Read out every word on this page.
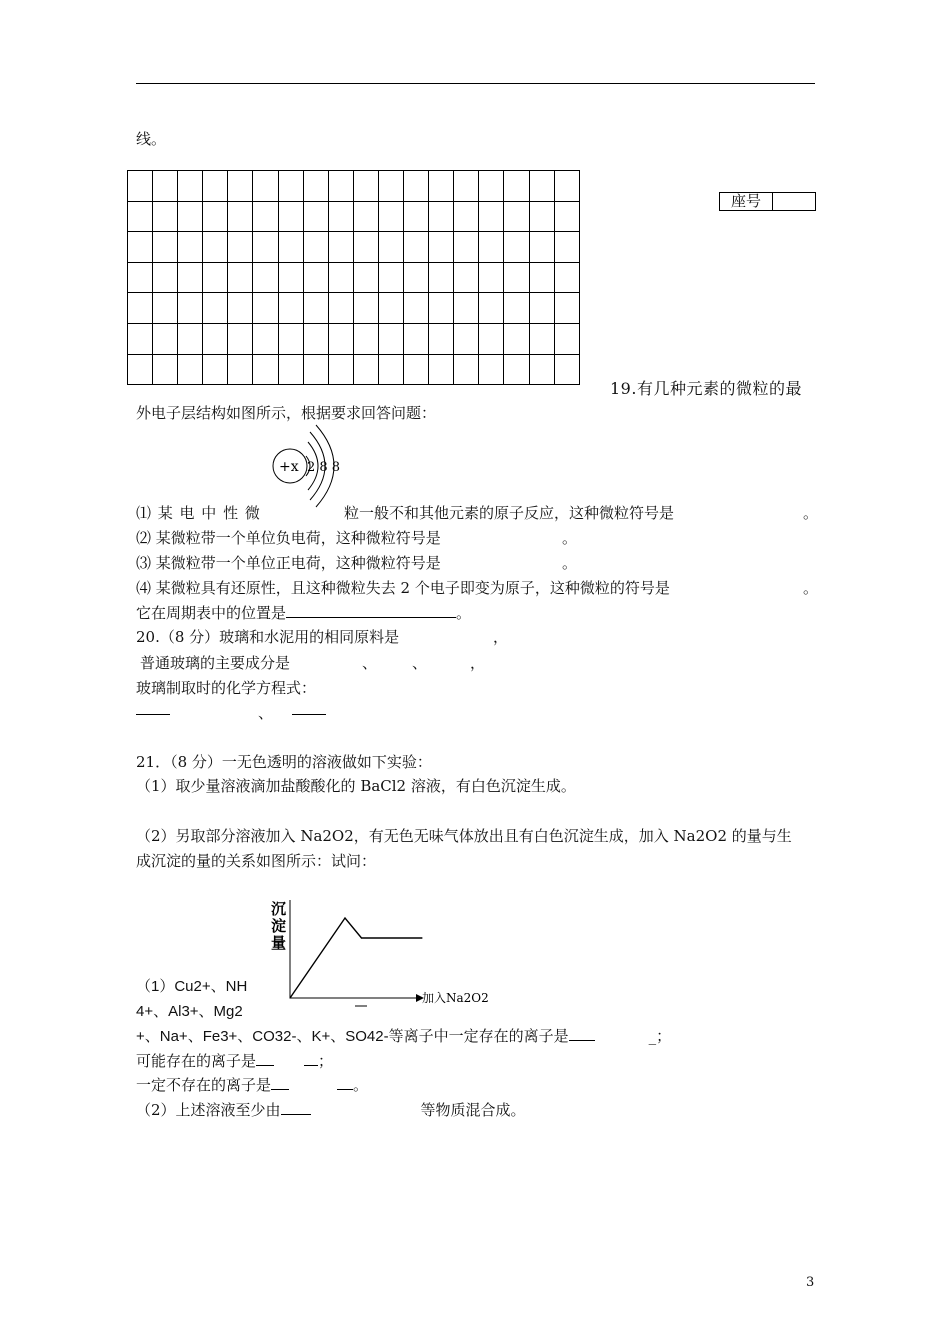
线。

座号
19.有几种元素的微粒的最
外电子层结构如图所示，根据要求回答问题：
+x 2 8 8
⑴ 某 电 中 性 微	粒一般不和其他元素的原子反应，这种微粒符号是	。
⑵ 某微粒带一个单位负电荷，这种微粒符号是	。
⑶ 某微粒带一个单位正电荷，这种微粒符号是	。
⑷ 某微粒具有还原性，且这种微粒失去 2 个电子即变为原子，这种微粒的符号是	。
它在周期表中的位置是	。
20.（8 分）玻璃和水泥用的相同原料是	，
普通玻璃的主要成分是	、 、	，
玻璃制取时的化学方程式：
、
21．（8 分）一无色透明的溶液做如下实验：
（1）取少量溶液滴加盐酸酸化的 BaCl2 溶液，有白色沉淀生成。
（2）另取部分溶液加入 Na2O2，有无色无味气体放出且有白色沉淀生成，加入 Na2O2 的量与生
成沉淀的量的关系如图所示：试问：
沉
淀
量
加入Na2O2
（1）Cu2+、NH
4+、Al3+、Mg2
+、Na+、Fe3+、CO32-、K+、SO42-等离子中一定存在的离子是	_；
可能存在的离子是	；
一定不存在的离子是	。
（2）上述溶液至少由	等物质混合成。
3
